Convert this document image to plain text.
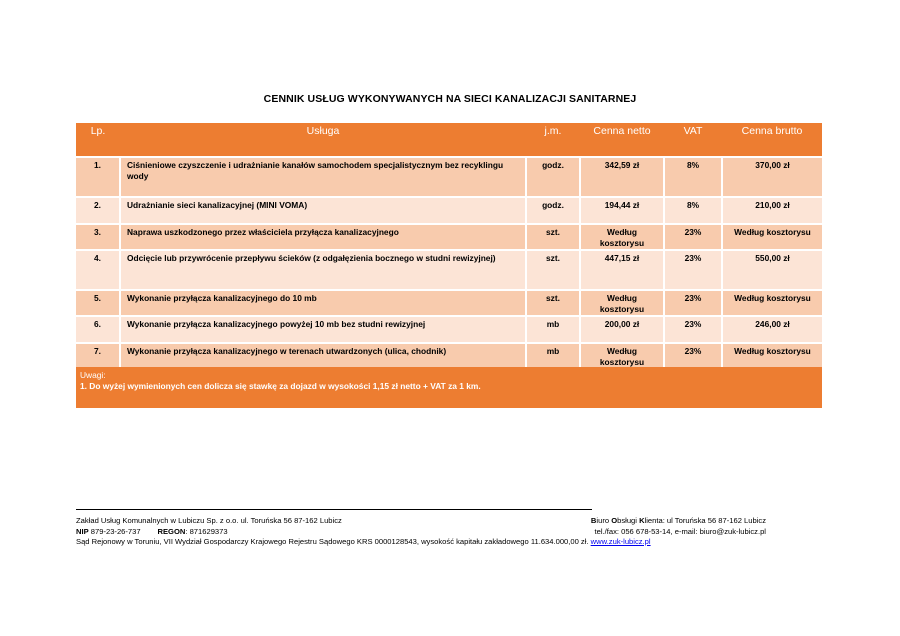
CENNIK USŁUG WYKONYWANYCH NA SIECI KANALIZACJI SANITARNEJ
Lp.	Usługa	j.m.	Cenna netto	VAT	Cenna brutto
1.	Ciśnieniowe czyszczenie i udrażnianie kanałów samochodem specjalistycznym bez recyklingu wody	godz.	342,59 zł	8%	370,00 zł
2.	Udrażnianie sieci kanalizacyjnej (MINI VOMA)	godz.	194,44 zł	8%	210,00 zł
3.	Naprawa uszkodzonego przez właściciela przyłącza kanalizacyjnego	szt.	Według kosztorysu	23%	Według kosztorysu
4.	Odcięcie lub przywrócenie przepływu ścieków (z odgałęzienia bocznego w studni rewizyjnej)	szt.	447,15 zł	23%	550,00 zł
5.	Wykonanie przyłącza kanalizacyjnego do 10 mb	szt.	Według kosztorysu	23%	Według kosztorysu
6.	Wykonanie przyłącza kanalizacyjnego powyżej 10 mb bez studni rewizyjnej	mb	200,00 zł	23%	246,00 zł
7.	Wykonanie przyłącza kanalizacyjnego w terenach utwardzonych (ulica, chodnik)	mb	Według kosztorysu	23%	Według kosztorysu
Uwagi:
1. Do wyżej wymienionych cen dolicza się stawkę za dojazd w wysokości 1,15 zł netto + VAT za 1 km.
Zakład Usług Komunalnych w Lubiczu Sp. z o.o. ul. Toruńska 56 87-162 Lubicz	Biuro Obsługi Klienta: ul Toruńska 56 87-162 Lubicz
NIP 879-23-26-737 REGON: 871629373	tel./fax: 056 678-53-14, e-mail: biuro@zuk-lubicz.pl
Sąd Rejonowy w Toruniu, VII Wydział Gospodarczy Krajowego Rejestru Sądowego KRS 0000128543, wysokość kapitału zakładowego 11.634.000,00 zł. www.zuk-lubicz.pl
